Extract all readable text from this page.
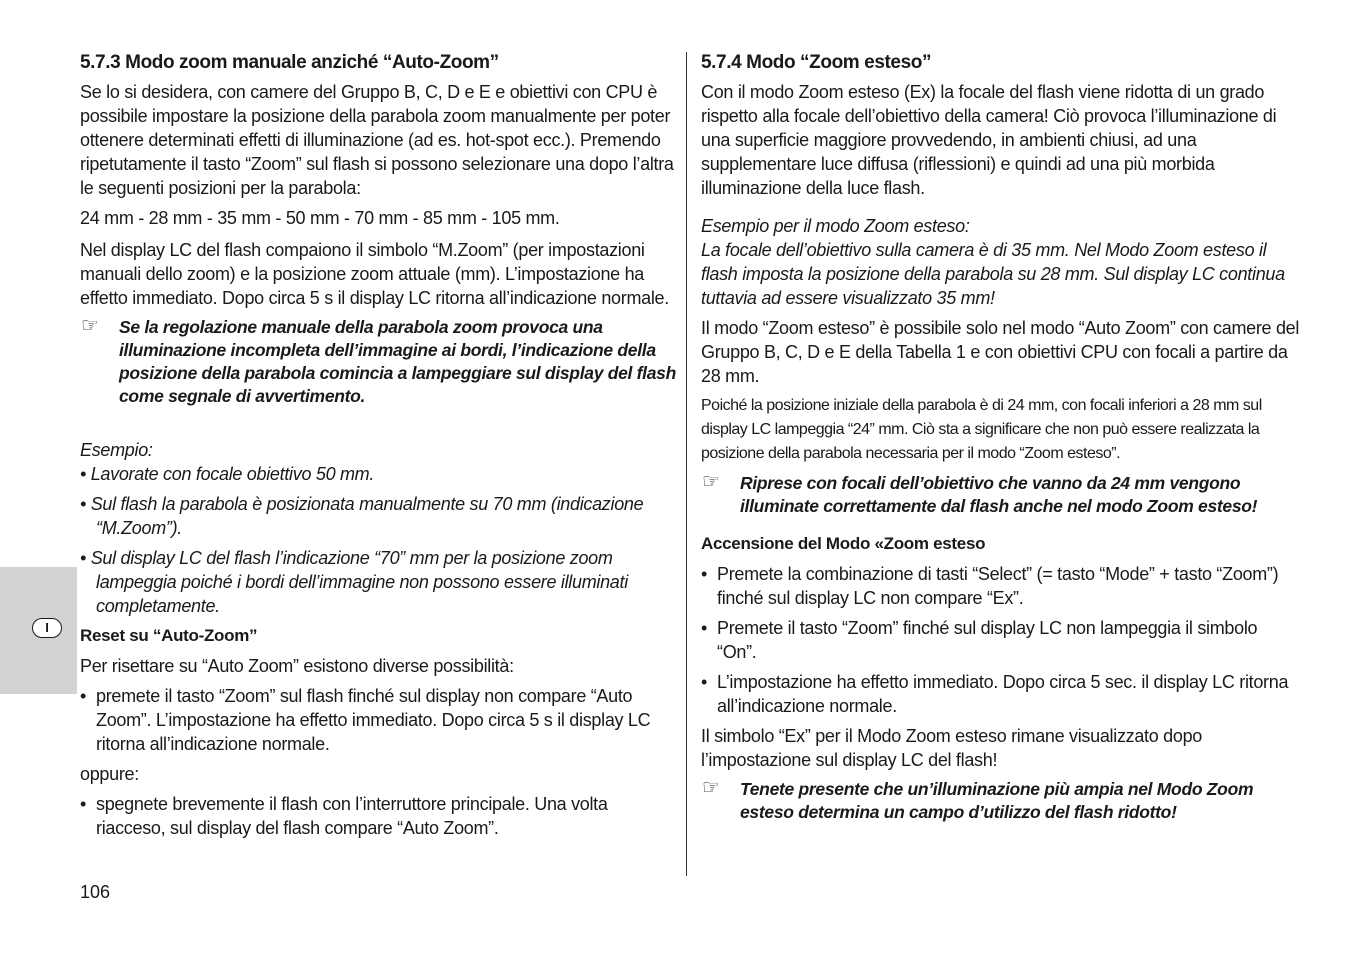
I
5.7.3 Modo zoom manuale anziché “Auto-Zoom”

Se lo si desidera, con camere del Gruppo B, C, D e E e obiettivi con CPU è possibile impostare la posizione della parabola zoom manualmente per poter ottenere determinati effetti di illuminazione (ad es. hot-spot ecc.). Premendo ripetutamente il tasto “Zoom” sul flash si possono selezionare una dopo l’altra le seguenti posizioni per la parabola:

24 mm - 28 mm - 35 mm - 50 mm - 70 mm - 85 mm - 105 mm.

Nel display LC del flash compaiono il simbolo “M.Zoom” (per impostazioni manuali dello zoom) e la posizione zoom attuale (mm). L’impostazione ha effetto immediato. Dopo circa 5 s il display LC ritorna all’indicazione normale.

☞ Se la regolazione manuale della parabola zoom provoca una illuminazione incompleta dell’immagine ai bordi, l’indicazione della posizione della parabola comincia a lampeggiare sul display del flash come segnale di avvertimento.

Esempio:

• Lavorate con focale obiettivo 50 mm.

• Sul flash la parabola è posizionata manualmente su 70 mm (indicazione “M.Zoom”).

• Sul display LC del flash l’indicazione “70” mm per la posizione zoom lampeggia poiché i bordi dell’immagine non possono essere illuminati completamente.

Reset su “Auto-Zoom”

Per risettare su “Auto Zoom” esistono diverse possibilità:

• premete il tasto “Zoom” sul flash finché sul display non compare “Auto Zoom”. L’impostazione ha effetto immediato. Dopo circa 5 s il display LC ritorna all’indicazione normale.

oppure:

• spegnete brevemente il flash con l’interruttore principale. Una volta riacceso, sul display del flash compare “Auto Zoom”.
5.7.4 Modo “Zoom esteso”

Con il modo Zoom esteso (Ex) la focale del flash viene ridotta di un grado rispetto alla focale dell’obiettivo della camera! Ciò provoca l’illuminazione di una superficie maggiore provvedendo, in ambienti chiusi, ad una supplementare luce diffusa (riflessioni) e quindi ad una più morbida illuminazione della luce flash.

Esempio per il modo Zoom esteso:

La focale dell’obiettivo sulla camera è di 35 mm. Nel Modo Zoom esteso il flash imposta la posizione della parabola su 28 mm. Sul display LC continua tuttavia ad essere visualizzato 35 mm!

Il modo “Zoom esteso” è possibile solo nel modo “Auto Zoom” con camere del Gruppo B, C, D e E della Tabella 1 e con obiettivi CPU con focali a partire da 28 mm.

Poiché la posizione iniziale della parabola è di 24 mm, con focali inferiori a 28 mm sul display LC lampeggia “24” mm. Ciò sta a significare che non può essere realizzata la posizione della parabola necessaria per il modo “Zoom esteso”.

☞ Riprese con focali dell’obiettivo che vanno da 24 mm vengono illuminate correttamente dal flash anche nel modo Zoom esteso!

Accensione del Modo «Zoom esteso

• Premete la combinazione di tasti “Select” (= tasto “Mode” + tasto “Zoom”) finché sul display LC non compare “Ex”.
• Premete il tasto “Zoom” finché sul display LC non lampeggia il simbolo “On”.
• L’impostazione ha effetto immediato. Dopo circa 5 sec. il display LC ritorna all’indicazione normale.

Il simbolo “Ex” per il Modo Zoom esteso rimane visualizzato dopo l’impostazione sul display LC del flash!

☞ Tenete presente che un’illuminazione più ampia nel Modo Zoom esteso determina un campo d’utilizzo del flash ridotto!
106
